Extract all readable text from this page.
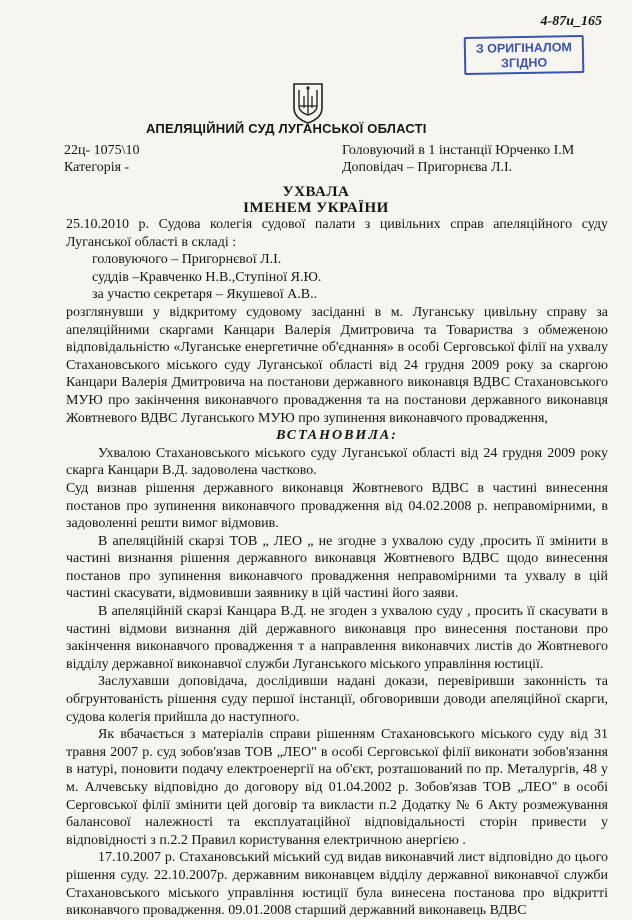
4-87и_165
З ОРИГІНАЛОМ
ЗГІДНО
АПЕЛЯЦІЙНИЙ СУД ЛУГАНСЬКОЇ ОБЛАСТІ
22ц- 1075\10
Категорія -
Головуючий в 1 інстанції Юрченко І.М
Доповідач – Пригорнєва Л.І.
УХВАЛА
ІМЕНЕМ УКРАЇНИ

25.10.2010 р. Судова колегія судової палати з цивільних справ апеляційного суду Луганської області в складі :

головуючого – Пригорнєвої Л.І.

суддів –Кравченко Н.В.,Ступіної Я.Ю.

за участю секретаря – Якушевої А.В..

розглянувши у відкритому судовому засіданні в м. Луганську цивільну справу за апеляційними скаргами Канцари Валерія Дмитровича та Товариства з обмеженою відповідальністю «Луганське енергетичне об'єднання» в особі Серговської філії на ухвалу Стахановського міського суду Луганської області від 24 грудня 2009 року за скаргою Канцари Валерія Дмитровича на постанови державного виконавця ВДВС Стахановського МУЮ про закінчення виконавчого провадження та на постанови державного виконавця Жовтневого ВДВС Луганського МУЮ про зупинення виконавчого провадження,

ВСТАНОВИЛА:

Ухвалою Стахановського міського суду Луганської області від 24 грудня 2009 року скарга Канцари В.Д. задоволена частково.

Суд визнав рішення державного виконавця Жовтневого ВДВС в частині винесення постанов про зупинення виконавчого провадження від 04.02.2008 р. неправомірними, в задоволенні решти вимог відмовив.

В апеляційній скарзі ТОВ „ ЛЕО „ не згодне з ухвалою суду ,просить її змінити в частині визнання рішення державного виконавця Жовтневого ВДВС щодо винесення постанов про зупинення виконавчого провадження неправомірними та ухвалу в цій частині скасувати, відмовивши заявнику в цій частині його заяви.

В апеляційній скарзі Канцара В.Д. не згоден з ухвалою суду , просить її скасувати в частині відмови визнання дій державного виконавця про винесення постанови про закінчення виконавчого провадження т а направлення виконавчих листів до Жовтневого відділу державної виконавчої служби Луганського міського управління юстиції.

Заслухавши доповідача, дослідивши надані докази, перевіривши законність та обгрунтованість рішення суду першої інстанції, обговоривши доводи апеляційної скарги, судова колегія прийшла до наступного.

Як вбачається з матеріалів справи рішенням Стахановського міського суду від 31 травня 2007 р. суд зобов'язав ТОВ „ЛЕО" в особі Серговської філії виконати зобов'язання в натурі, поновити подачу електроенергії на об'єкт, розташований по пр. Металургів, 48 у м. Алчевську відповідно до договору від 01.04.2002 р. Зобов'язав ТОВ „ЛЕО" в особі Серговської філії змінити цей договір та викласти п.2 Додатку № 6 Акту розмежування балансової належності та експлуатаційної відповідальності сторін привести у відповідності з п.2.2 Правил користування електричною анергією .

17.10.2007 р. Стахановський міський суд видав виконавчий лист відповідно до цього рішення суду. 22.10.2007р. державним виконавцем відділу державної виконавчої служби Стахановського міського управління юстиції була винесена постанова про відкритті виконавчого провадження. 09.01.2008 старший державний виконавець ВДВС
